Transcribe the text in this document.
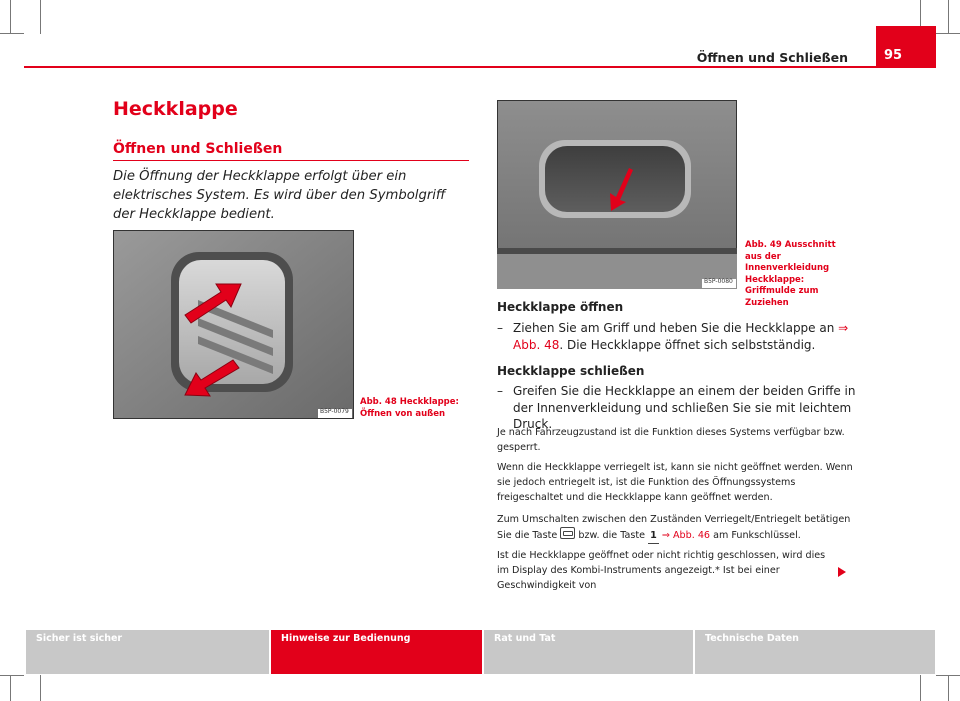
Öffnen und Schließen	95
Heckklappe
Öffnen und Schließen
Die Öffnung der Heckklappe erfolgt über ein elektrisches System. Es wird über den Symbolgriff der Heckklappe bedient.
B5P-0079
Abb. 48 Heckklappe: Öffnen von außen
B5P-0080
Abb. 49 Ausschnitt aus der Innenverkleidung Heckklappe: Griffmulde zum Zuziehen
Heckklappe öffnen
– Ziehen Sie am Griff und heben Sie die Heckklappe an ⇒ Abb. 48. Die Heckklappe öffnet sich selbstständig.
Heckklappe schließen
– Greifen Sie die Heckklappe an einem der beiden Griffe in der Innenverkleidung und schließen Sie sie mit leichtem Druck.
Je nach Fahrzeugzustand ist die Funktion dieses Systems verfügbar bzw. gesperrt.
Wenn die Heckklappe verriegelt ist, kann sie nicht geöffnet werden. Wenn sie jedoch entriegelt ist, ist die Funktion des Öffnungssystems freigeschaltet und die Heckklappe kann geöffnet werden.
Zum Umschalten zwischen den Zuständen Verriegelt/Entriegelt betätigen Sie die Taste bzw. die Taste 1 ⇒ Abb. 46 am Funkschlüssel.
Ist die Heckklappe geöffnet oder nicht richtig geschlossen, wird dies im Display des Kombi-Instruments angezeigt.* Ist bei einer Geschwindigkeit von
Sicher ist sicher	Hinweise zur Bedienung	Rat und Tat	Technische Daten
